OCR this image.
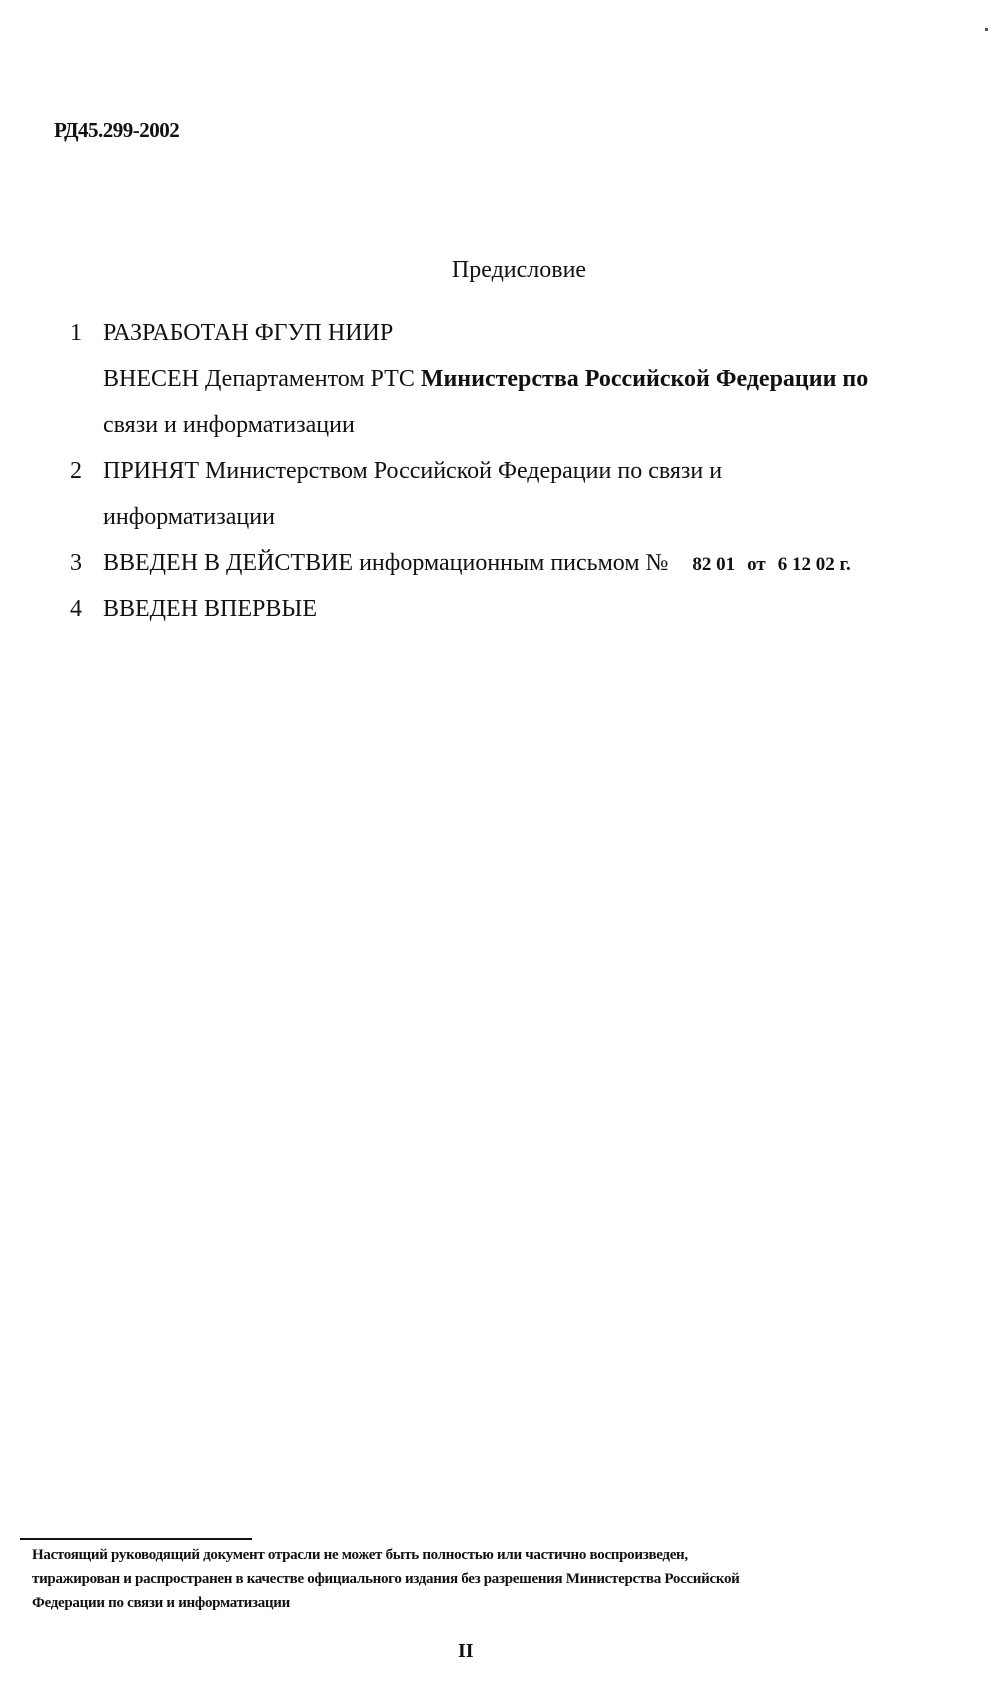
РД45.299-2002
Предисловие
1 РАЗРАБОТАН ФГУП НИИР
ВНЕСЕН Департаментом РТС Министерства Российской Федерации по
связи и информатизации
2 ПРИНЯТ Министерством Российской Федерации по связи и
информатизации
3 ВВЕДЕН В ДЕЙСТВИЕ информационным письмом № 82 01 от 6 12 02 г.
4 ВВЕДЕН ВПЕРВЫЕ
Настоящий руководящий документ отрасли не может быть полностью или частично воспроизведен,
тиражирован и распространен в качестве официального издания без разрешения Министерства Российской
Федерации по связи и информатизации
II
